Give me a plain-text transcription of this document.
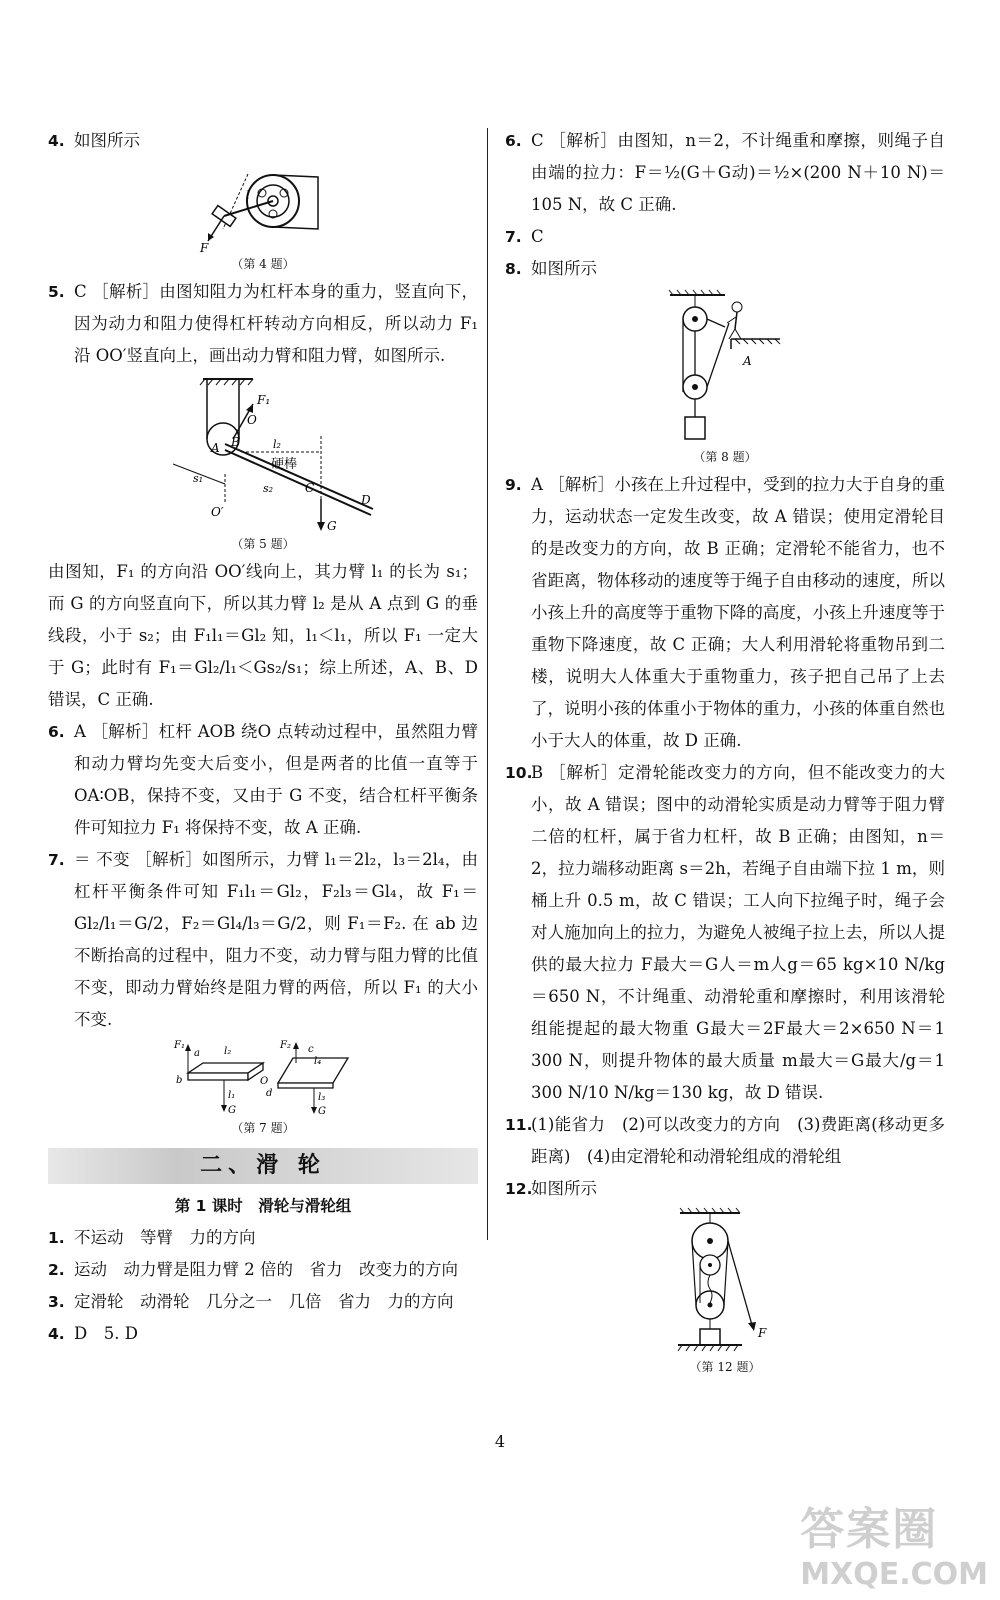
4. 如图所示
F
l
（第 4 题）
5. C ［解析］由图知阻力为杠杆本身的重力，竖直向下，因为动力和阻力使得杠杆转动方向相反，所以动力 F₁ 沿 OO′竖直向上，画出动力臂和阻力臂，如图所示.
F₁
O
A B	l₂
硬棒
G
C
D
s₁
s₂
O′
（第 5 题）
由图知，F₁ 的方向沿 OO′线向上，其力臂 l₁ 的长为 s₁；而 G 的方向竖直向下，所以其力臂 l₂ 是从 A 点到 G 的垂线段，小于 s₂；由 F₁l₁＝Gl₂ 知，l₁＜l₁，所以 F₁ 一定大于 G；此时有 F₁＝Gl₂/l₁＜Gs₂/s₁；综上所述，A、B、D 错误，C 正确.
6. A ［解析］杠杆 AOB 绕O 点转动过程中，虽然阻力臂和动力臂均先变大后变小，但是两者的比值一直等于 OA∶OB，保持不变，又由于 G 不变，结合杠杆平衡条件可知拉力 F₁ 将保持不变，故 A 正确.
7. ＝ 不变 ［解析］如图所示，力臂 l₁＝2l₂，l₃＝2l₄，由杠杆平衡条件可知 F₁l₁＝Gl₂，F₂l₃＝Gl₄，故 F₁＝Gl₂/l₁＝G/2，F₂＝Gl₄/l₃＝G/2，则 F₁＝F₂. 在 ab 边不断抬高的过程中，阻力不变，动力臂与阻力臂的比值不变，即动力臂始终是阻力臂的两倍，所以 F₁ 的大小不变.
F₁
a l₂
b	O
l₁
G
F₂ c
l₄
d	l₃
G
（第 7 题）
二、滑 轮
第 1 课时　滑轮与滑轮组
1. 不运动　等臂　力的方向
2. 运动　动力臂是阻力臂 2 倍的　省力　改变力的方向
3. 定滑轮　动滑轮　几分之一　几倍　省力　力的方向
4. D　5. D
6. C ［解析］由图知，n＝2，不计绳重和摩擦，则绳子自由端的拉力：F＝½(G＋G动)＝½×(200 N＋10 N)＝105 N，故 C 正确.
7. C
8. 如图所示
A
（第 8 题）
9. A ［解析］小孩在上升过程中，受到的拉力大于自身的重力，运动状态一定发生改变，故 A 错误；使用定滑轮目的是改变力的方向，故 B 正确；定滑轮不能省力，也不省距离，物体移动的速度等于绳子自由移动的速度，所以小孩上升的高度等于重物下降的高度，小孩上升速度等于重物下降速度，故 C 正确；大人利用滑轮将重物吊到二楼，说明大人体重大于重物重力，孩子把自己吊了上去了，说明小孩的体重小于物体的重力，小孩的体重自然也小于大人的体重，故 D 正确.
10.
B ［解析］定滑轮能改变力的方向，但不能改变力的大小，故 A 错误；图中的动滑轮实质是动力臂等于阻力臂二倍的杠杆，属于省力杠杆，故 B 正确；由图知，n＝2，拉力端移动距离 s＝2h，若绳子自由端下拉 1 m，则桶上升 0.5 m，故 C 错误；工人向下拉绳子时，绳子会对人施加向上的拉力，为避免人被绳子拉上去，所以人提供的最大拉力 F最大＝G人＝m人g＝65 kg×10 N/kg＝650 N，不计绳重、动滑轮重和摩擦时，利用该滑轮组能提起的最大物重 G最大＝2F最大＝2×650 N＝1 300 N，则提升物体的最大质量 m最大＝G最大/g＝1 300 N/10 N/kg＝130 kg，故 D 错误.
11.
(1)能省力　(2)可以改变力的方向　(3)费距离(移动更多距离)　(4)由定滑轮和动滑轮组成的滑轮组
12.
如图所示
F
（第 12 题）
4
答案圈
MXQE.COM
